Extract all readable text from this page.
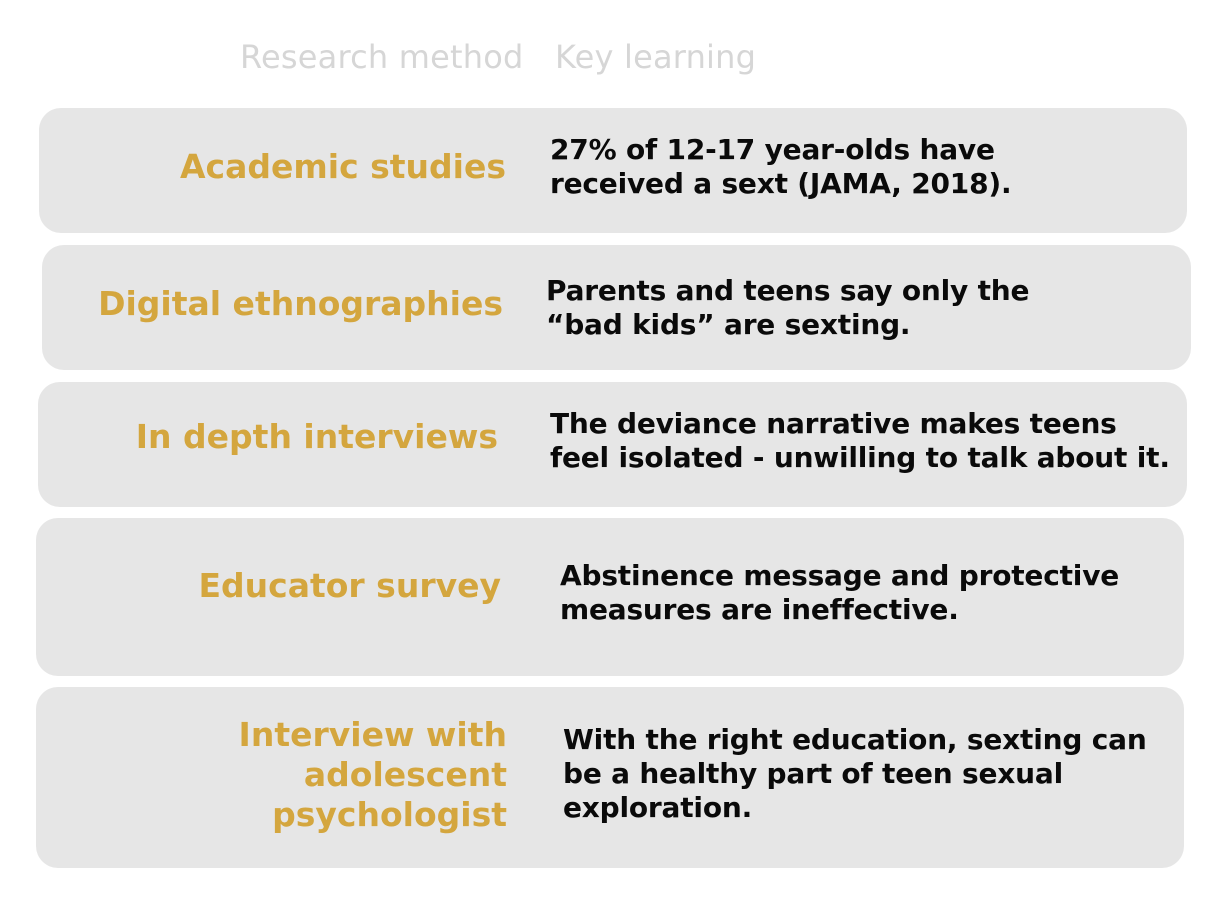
Research method Key learning
Academic studies 27% of 12-17 year-olds have
received a sext (JAMA, 2018).
Digital ethnographies Parents and teens say only the
“bad kids” are sexting.
In depth interviews The deviance narrative makes teens
feel isolated - unwilling to talk about it.
Educator survey Abstinence message and protective
measures are ineffective.
Interview with
adolescent
psychologist
With the right education, sexting can
be a healthy part of teen sexual
exploration.
